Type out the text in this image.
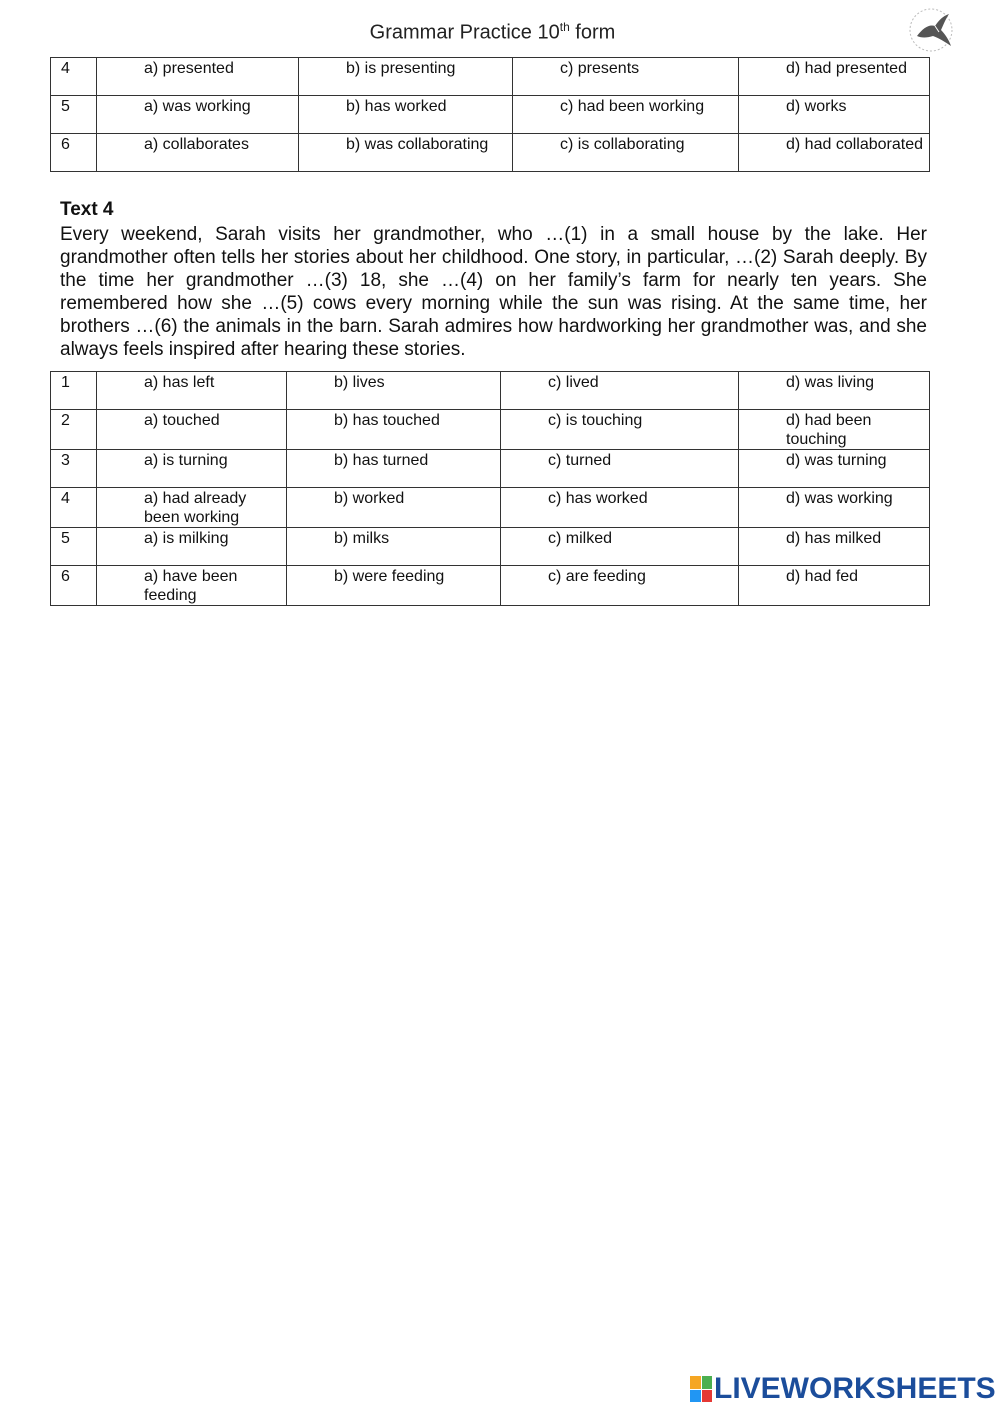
Grammar Practice 10th form
4	a) presented	b) is presenting	c) presents	d) had presented
5	a) was working	b) has worked	c) had been working	d) works
6	a) collaborates	b) was collaborating	c) is collaborating	d) had collaborated
Text 4
Every weekend, Sarah visits her grandmother, who …(1) in a small house by the lake. Her grandmother often tells her stories about her childhood. One story, in particular, …(2) Sarah deeply. By the time her grandmother …(3) 18, she …(4) on her family’s farm for nearly ten years. She remembered how she …(5) cows every morning while the sun was rising. At the same time, her brothers …(6) the animals in the barn. Sarah admires how hardworking her grandmother was, and she always feels inspired after hearing these stories.
1	a) has left	b) lives	c) lived	d) was living
2	a) touched	b) has touched	c) is touching	d) had been touching
3	a) is turning	b) has turned	c) turned	d) was turning
4	a) had already been working	b) worked	c) has worked	d) was working
5	a) is milking	b) milks	c) milked	d) has milked
6	a) have been feeding	b) were feeding	c) are feeding	d) had fed
LIVEWORKSHEETS
